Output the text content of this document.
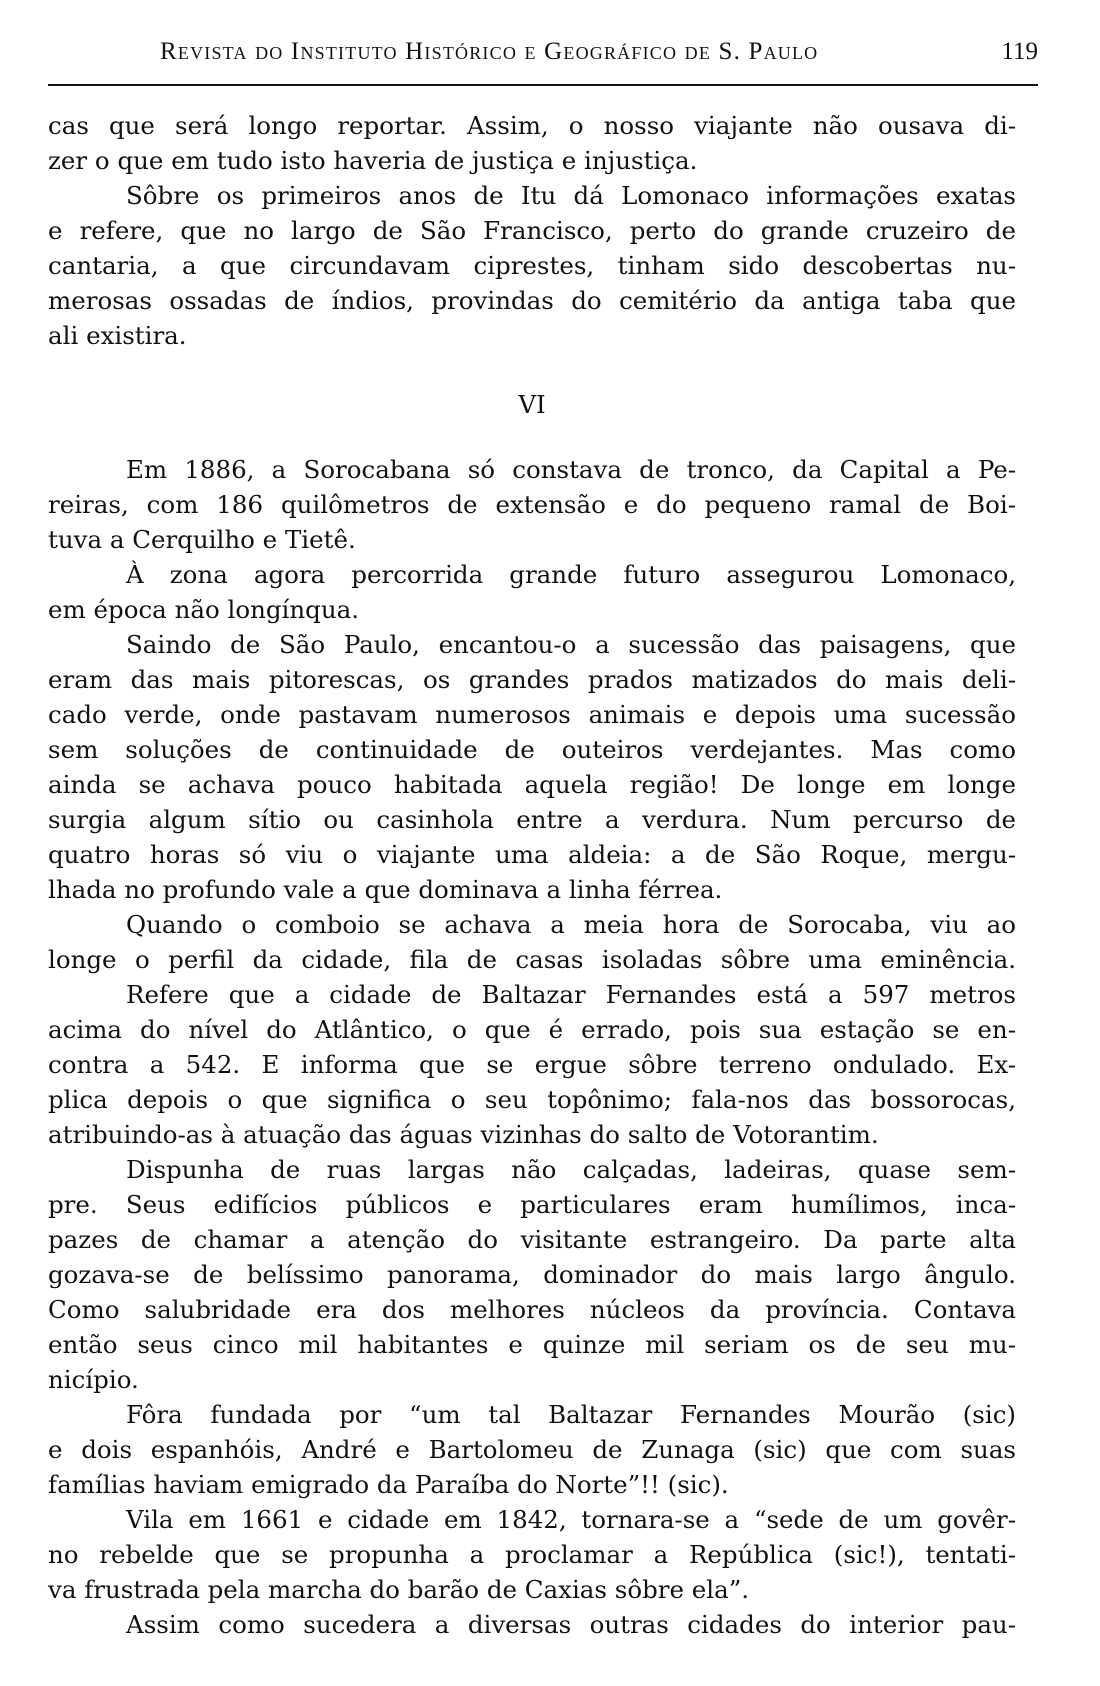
Revista do Instituto Histórico e Geográfico de S. Paulo	119
cas que será longo reportar. Assim, o nosso viajante não ousava di-
zer o que em tudo isto haveria de justiça e injustiça.
Sôbre os primeiros anos de Itu dá Lomonaco informações exatas
e refere, que no largo de São Francisco, perto do grande cruzeiro de
cantaria, a que circundavam ciprestes, tinham sido descobertas nu-
merosas ossadas de índios, provindas do cemitério da antiga taba que
ali existira.
VI
Em 1886, a Sorocabana só constava de tronco, da Capital a Pe-
reiras, com 186 quilômetros de extensão e do pequeno ramal de Boi-
tuva a Cerquilho e Tietê.
À zona agora percorrida grande futuro assegurou Lomonaco,
em época não longínqua.
Saindo de São Paulo, encantou-o a sucessão das paisagens, que
eram das mais pitorescas, os grandes prados matizados do mais deli-
cado verde, onde pastavam numerosos animais e depois uma sucessão
sem soluções de continuidade de outeiros verdejantes. Mas como
ainda se achava pouco habitada aquela região! De longe em longe
surgia algum sítio ou casinhola entre a verdura. Num percurso de
quatro horas só viu o viajante uma aldeia: a de São Roque, mergu-
lhada no profundo vale a que dominava a linha férrea.
Quando o comboio se achava a meia hora de Sorocaba, viu ao
longe o perfil da cidade, fila de casas isoladas sôbre uma eminência.
Refere que a cidade de Baltazar Fernandes está a 597 metros
acima do nível do Atlântico, o que é errado, pois sua estação se en-
contra a 542. E informa que se ergue sôbre terreno ondulado. Ex-
plica depois o que significa o seu topônimo; fala-nos das bossorocas,
atribuindo-as à atuação das águas vizinhas do salto de Votorantim.
Dispunha de ruas largas não calçadas, ladeiras, quase sem-
pre. Seus edifícios públicos e particulares eram humílimos, inca-
pazes de chamar a atenção do visitante estrangeiro. Da parte alta
gozava-se de belíssimo panorama, dominador do mais largo ângulo.
Como salubridade era dos melhores núcleos da província. Contava
então seus cinco mil habitantes e quinze mil seriam os de seu mu-
nicípio.
Fôra fundada por “um tal Baltazar Fernandes Mourão (sic)
e dois espanhóis, André e Bartolomeu de Zunaga (sic) que com suas
famílias haviam emigrado da Paraíba do Norte”!! (sic).
Vila em 1661 e cidade em 1842, tornara-se a “sede de um govêr-
no rebelde que se propunha a proclamar a República (sic!), tentati-
va frustrada pela marcha do barão de Caxias sôbre ela”.
Assim como sucedera a diversas outras cidades do interior pau-
